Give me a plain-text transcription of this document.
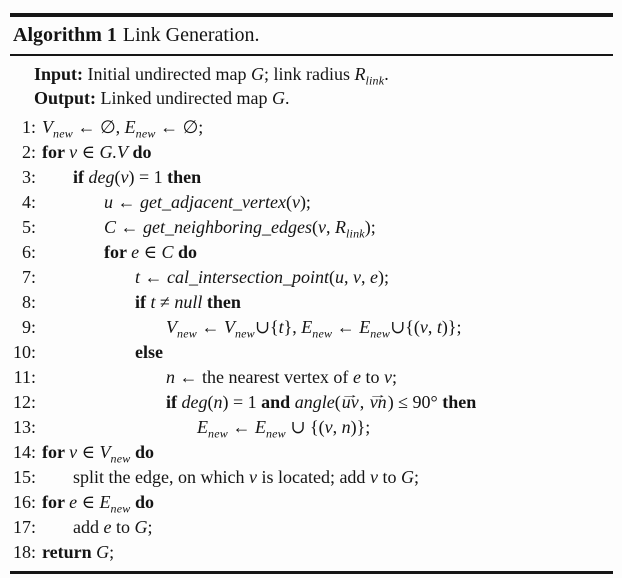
Algorithm 1 Link Generation.
Input: Initial undirected map G; link radius $R_{link}$.
Output: Linked undirected map G.
1: $V_{new}$ ← ∅, $E_{new}$ ← ∅;
2: for v ∈ G.V do
3:	if deg(v) = 1 then
4:	u ← get_adjacent_vertex(v);
5:	C ← get_neighboring_edges(v, $R_{link}$);
6:	for e ∈ C do
7:	t ← cal_intersection_point(u, v, e);
8:	if t ≠ null then
9:	$V_{new}$ ← $V_{new}\cup\{t\}$, $E_{new}$ ← $E_{new}\cup\{(v$, t)};
10:	else
11:	n ← the nearest vertex of e to v;
12:	if deg(n) = 1 and angle(→ uv, → vn) ≤ 90° then
13:	$E_{new}$ ← $E_{new}$ ∪ {(v, n)};
14: for v ∈ $V_{new}$ do
15:	split the edge, on which v is located; add v to G;
16: for e ∈ $E_{new}$ do
17:	add e to G;
18: return G;
